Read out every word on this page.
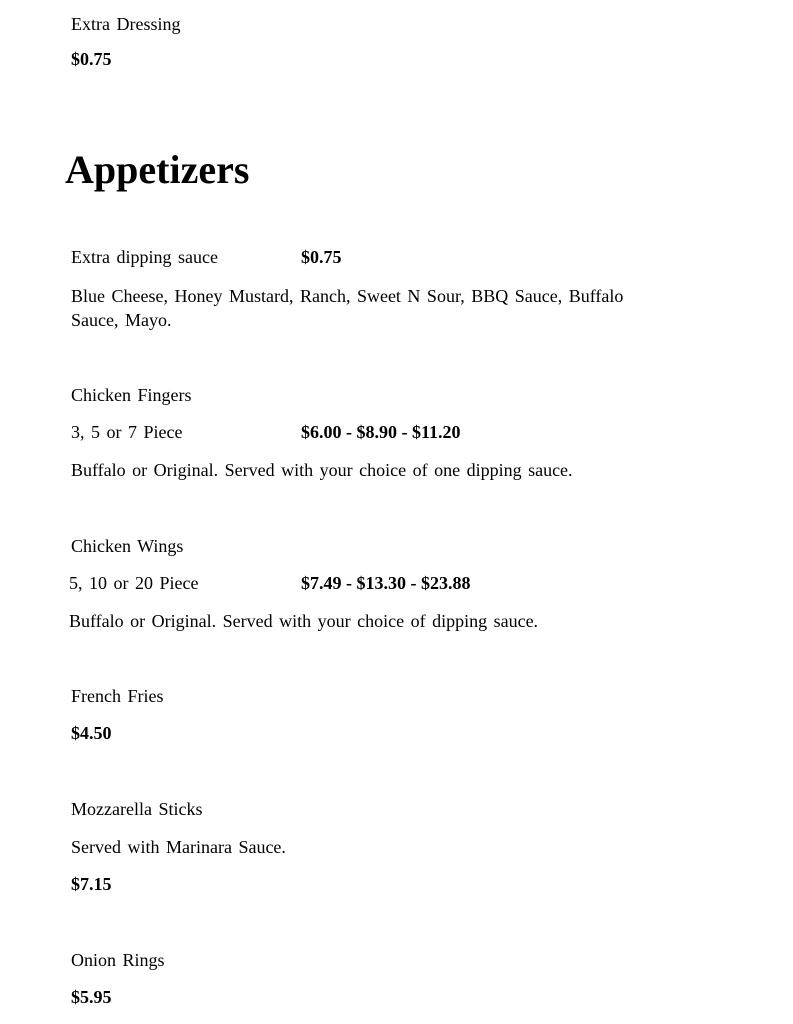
Extra Dressing
$0.75
Appetizers
Extra dipping sauce	$0.75
Blue Cheese, Honey Mustard, Ranch, Sweet N Sour, BBQ Sauce, Buffalo Sauce, Mayo.
Chicken Fingers
3, 5 or 7 Piece	$6.00 - $8.90 - $11.20
Buffalo or Original. Served with your choice of one dipping sauce.
Chicken Wings
5, 10 or 20 Piece	$7.49 - $13.30 - $23.88
Buffalo or Original. Served with your choice of dipping sauce.
French Fries
$4.50
Mozzarella Sticks
Served with Marinara Sauce.
$7.15
Onion Rings
$5.95
